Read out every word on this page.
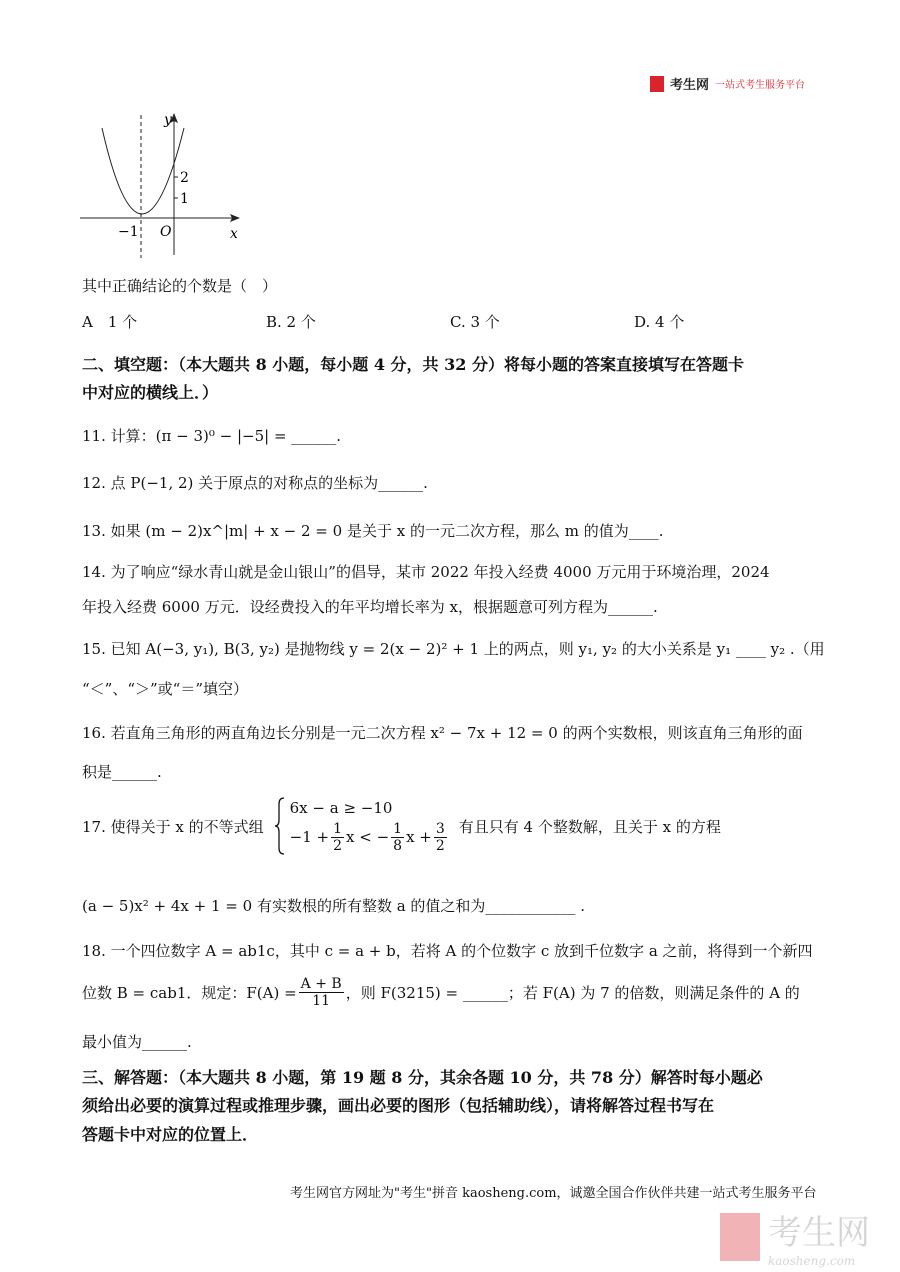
考生网 一站式考生服务平台
y
x
O
−1
1
2
其中正确结论的个数是（　）
A　1 个	B. 2 个	C. 3 个	D. 4 个
二、填空题：（本大题共 8 小题，每小题 4 分，共 32 分）将每小题的答案直接填写在答题卡
中对应的横线上．）
11. 计算：(π − 3)⁰ − |−5| = ______.
12. 点 P(−1, 2) 关于原点的对称点的坐标为______.
13. 如果 (m − 2)x^|m| + x − 2 = 0 是关于 x 的一元二次方程，那么 m 的值为____.
14. 为了响应“绿水青山就是金山银山”的倡导，某市 2022 年投入经费 4000 万元用于环境治理，2024
年投入经费 6000 万元．设经费投入的年平均增长率为 x，根据题意可列方程为______.
15. 已知 A(−3, y₁), B(3, y₂) 是抛物线 y = 2(x − 2)² + 1 上的两点，则 y₁, y₂ 的大小关系是 y₁ ____ y₂ .（用
“＜”、“＞”或“＝”填空）
16. 若直角三角形的两直角边长分别是一元二次方程 x² − 7x + 12 = 0 的两个实数根，则该直角三角形的面
积是______.
17. 使得关于 x 的不等式组
6x − a ≥ −10
$-1 + \frac{1}{2}$ x < − $\frac{1}{8}$ $x + \frac{3}{2}$ 有且只有 4 个整数解，且关于 x 的方程
(a − 5)x² + 4x + 1 = 0 有实数根的所有整数 a 的值之和为____________ .
18. 一个四位数字 A = ab1c，其中 c = a + b，若将 A 的个位数字 c 放到千位数字 a 之前，将得到一个新四
位数 B = cab1．规定：$F(A) = \frac{A + B}{11}$ ，则 F(3215) = ______；若 F(A) 为 7 的倍数，则满足条件的 A 的
最小值为______.
三、解答题：（本大题共 8 小题，第 19 题 8 分，其余各题 10 分，共 78 分）解答时每小题必
须给出必要的演算过程或推理步骤，画出必要的图形（包括辅助线），请将解答过程书写在
答题卡中对应的位置上．
考生网官方网址为"考生"拼音 kaosheng.com，诚邀全国合作伙伴共建一站式考生服务平台
考生网
kaosheng.com
